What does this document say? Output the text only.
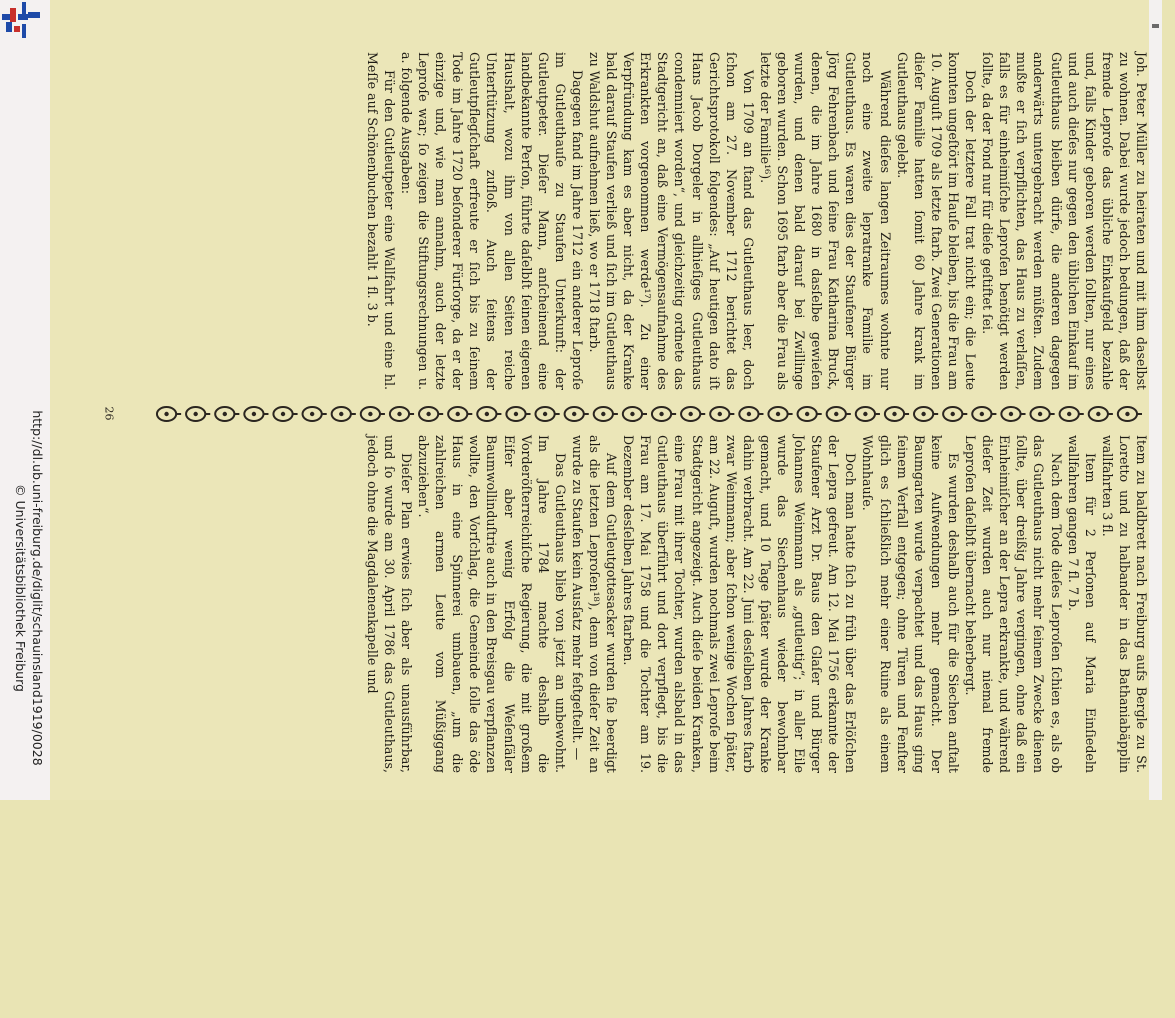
http://dl.ub.uni-freiburg.de/diglit/schauinsland1919/0028
© Universitätsbibliothek Freiburg
26

Joh. Peter Müller zu heiraten und mit ihm daselbst zu wohnen. Dabei wurde jedoch bedungen, daß der fremde Leproſe das übliche Einkaufgeld bezahle und, falls Kinder geboren werden ſollten, nur eines und auch dieſes nur gegen den üblichen Einkauf im Gutleuthaus bleiben dürfe, die anderen dagegen anderwärts untergebracht werden müßten. Zudem mußte er ſich verpflichten, das Haus zu verlaſſen, falls es für einheimiſche Leproſen benötigt werden ſollte, da der Fond nur für dieſe geſtiftet ſei.

Doch der letztere Fall trat nicht ein; die Leute konnten ungeſtört im Hauſe bleiben, bis die Frau am 10. Auguſt 1709 als letzte ſtarb. Zwei Generationen dieſer Familie hatten ſomit 60 Jahre krank im Gutleuthaus gelebt.

Während dieſes langen Zeitraumes wohnte nur noch eine zweite lepratranke Familie im Gutleuthaus. Es waren dies der Staufener Bürger Jörg Fehrenbach und ſeine Frau Katharina Bruck, denen, die im Jahre 1680 in dasſelbe gewieſen wurden, und denen bald darauf bei Zwillinge geboren wurden. Schon 1695 ſtarb aber die Frau als letzte der Familie¹⁶).

Von 1709 an ſtand das Gutleuthaus leer, doch ſchon am 27. November 1712 berichtet das Gerichtsprotokoll folgendes: „Auf heutigen dato iſt Hans Jacob Dorgeler in allhieſiges Gutleuthaus condemniert worden“, und gleichzeitig ordnete das Stadtgericht an, daß eine Vermögensaufnahme des Erkrankten vorgenommen werde¹⁷). Zu einer Verpfründung kam es aber nicht, da der Kranke bald darauf Staufen verließ und ſich im Gutleuthaus zu Waldshut aufnehmen ließ, wo er 1718 ſtarb.

Dagegen fand im Jahre 1712 ein anderer Leproſe im Gutleuthauſe zu Staufen Unterkunft: der Gutleutpeter. Dieſer Mann, anſcheinend eine landbekannte Perſon, führte daſelbſt ſeinen eigenen Haushalt, wozu ihm von allen Seiten reiche Unterſtützung zufloß. Auch ſeitens der Gutleutpflegſchaft erfreute er ſich bis zu ſeinem Tode im Jahre 1720 beſonderer Fürſorge, da er der einzige und, wie man annahm, auch der letzte Leproſe war; ſo zeigen die Stiftungsrechnungen u. a. folgende Ausgaben:

Für den Gutleutpeter eine Wallfahrt und eine hl. Meſſe auf Schönenbuchen bezahlt 1 fl. 3 b.

Item zu baldbrett nach Freiburg aufs Bergle zu St. Loretto und zu halbander in das Bathaniabäpplin wallfahrten 3 fl.

Item für 2 Perſonen auf Maria Einſiedeln wallfahren gangen 7 fl. 7 b.

Nach dem Tode dieſes Leproſen ſchien es, als ob das Gutleuthaus nicht mehr ſeinem Zwecke dienen ſollte, über dreißig Jahre vergingen, ohne daß ein Einheimiſcher an der Lepra erkrankte, und während dieſer Zeit wurden auch nur niemal fremde Leproſen daſelbſt übernacht beherbergt.

Es wurden deshalb auch für die Siechen anſtalt keine Aufwendungen mehr gemacht. Der Baumgarten wurde verpachtet und das Haus ging ſeinem Verfall entgegen; ohne Türen und Fenſter glich es ſchließlich mehr einer Ruine als einem Wohnhauſe.

Doch man hatte ſich zu früh über das Erlöſchen der Lepra gefreut. Am 12. Mai 1756 erkannte der Staufener Arzt Dr. Baus den Glaſer und Bürger Johannes Weinmann als „gutleutig“; in aller Eile wurde das Siechenhaus wieder bewohnbar gemacht, und 10 Tage ſpäter wurde der Kranke dahin verbracht. Am 22. Juni desſelben Jahres ſtarb zwar Weinmann; aber ſchon wenige Wochen ſpäter, am 22. Auguſt, wurden nochmals zwei Leproſe beim Stadtgericht angezeigt. Auch dieſe beiden Kranken, eine Frau mit ihrer Tochter, wurden alsbald in das Gutleuthaus überführt und dort verpflegt, bis die Frau am 17. Mai 1758 und die Tochter am 19. Dezember desſelben Jahres ſtarben.

Auf dem Gutleutgottesacker wurden ſie beerdigt als die letzten Leproſen¹⁸), denn von dieſer Zeit an wurde zu Staufen kein Ausſatz mehr feſtgeſtellt. —

Das Gutleuthaus blieb von jetzt an unbewohnt. Im Jahre 1784 machte deshalb die Vorderöſterreichiſche Regierung, die mit großem Eifer aber wenig Erfolg die Weſenſäler Baumwollinduſtrie auch in den Breisgau verpflanzen wollte, den Vorſchlag, die Gemeinde ſolle das öde Haus in eine Spinnerei umbauen, „um die zahlreichen armen Leute vom Müßiggang abzuziehen“.

Dieſer Plan erwies ſich aber als unausführbar, und ſo wurde am 30. April 1786 das Gutleuthaus, jedoch ohne die Magdalenenkapelle und
